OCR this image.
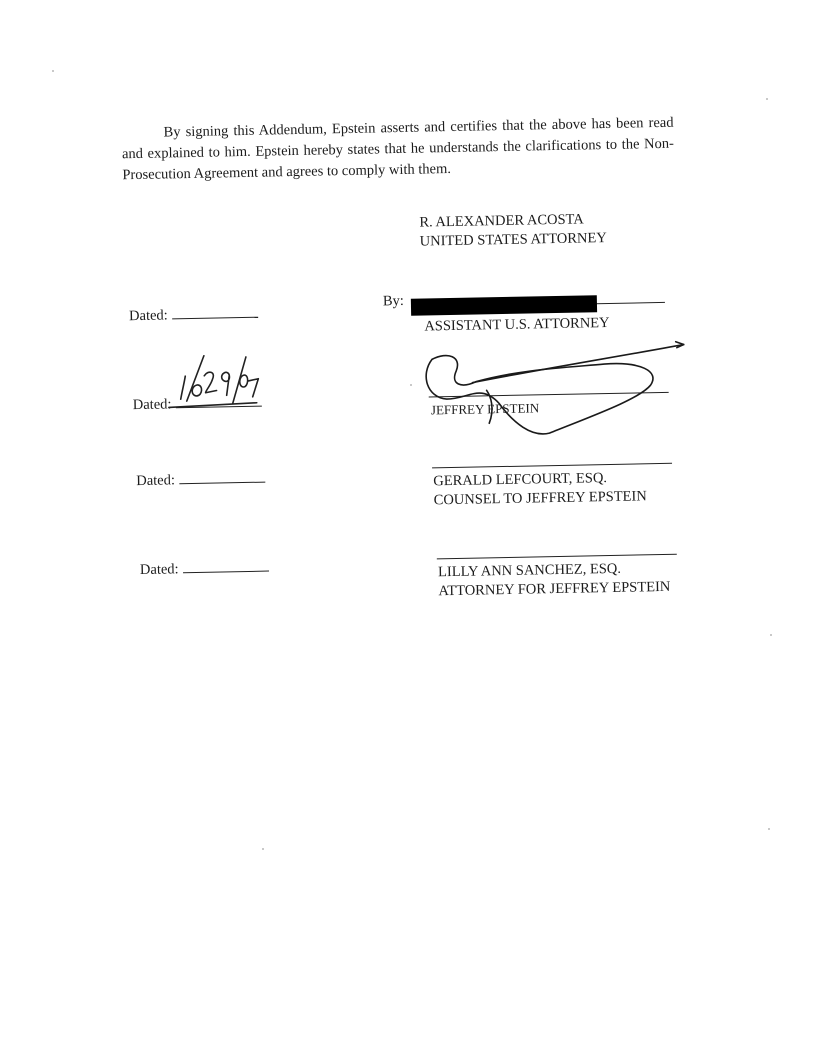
By signing this Addendum, Epstein asserts and certifies that the above has been read and explained to him. Epstein hereby states that he understands the clarifications to the Non-Prosecution Agreement and agrees to comply with them.
R. ALEXANDER ACOSTA
UNITED STATES ATTORNEY
Dated:
By:
ASSISTANT U.S. ATTORNEY
Dated:	JEFFREY EPSTEIN
Dated:	GERALD LEFCOURT, ESQ.
COUNSEL TO JEFFREY EPSTEIN
Dated:	LILLY ANN SANCHEZ, ESQ.
ATTORNEY FOR JEFFREY EPSTEIN
